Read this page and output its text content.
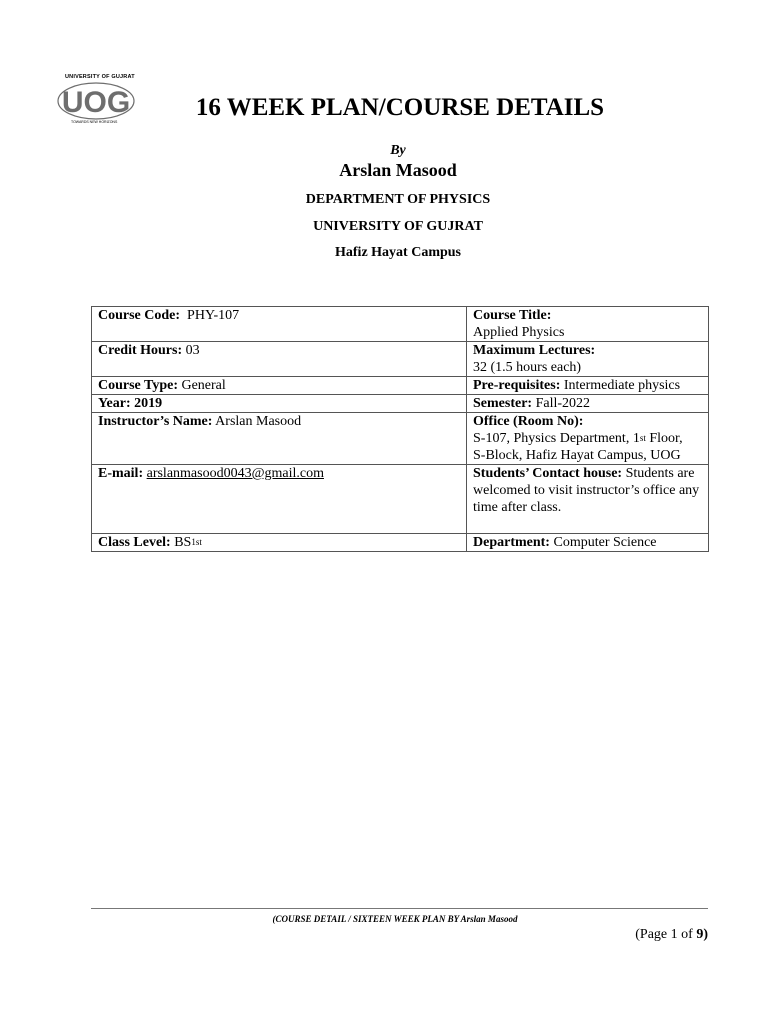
UNIVERSITY OF GUJRAT
UOG
TOWARDS NEW HORIZONS
16 WEEK PLAN/COURSE DETAILS
By
Arslan Masood
DEPARTMENT OF PHYSICS
UNIVERSITY OF GUJRAT
Hafiz Hayat Campus
Course Code: PHY-107	Course Title:
Applied Physics
Credit Hours: 03	Maximum Lectures:
32 (1.5 hours each)
Course Type: General	Pre-requisites: Intermediate physics
Year: 2019	Semester: Fall-2022
Instructor’s Name: Arslan Masood	Office (Room No):
S-107, Physics Department, 1st Floor,
S-Block, Hafiz Hayat Campus, UOG
E-mail: arslanmasood0043@gmail.com	Students’ Contact house: Students are welcomed to visit instructor’s office any time after class.
Class Level: BS1st	Department: Computer Science
(COURSE DETAIL / SIXTEEN WEEK PLAN BY Arslan Masood
(Page 1 of 9)
